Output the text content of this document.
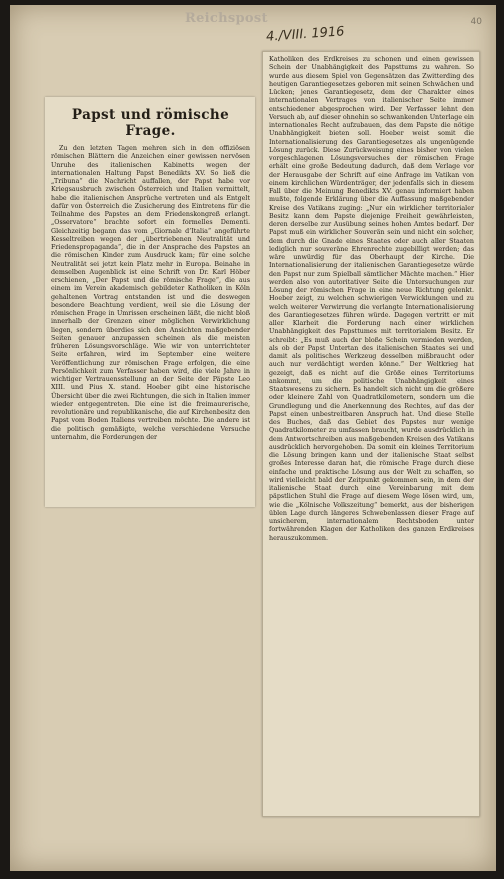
Reichspost
4./VIII. 1916
40
Papst und römische Frage.

Zu den letzten Tagen mehren sich in den offiziösen römischen Blättern die Anzeichen einer gewissen nervösen Unruhe des italienischen Kabinetts wegen der internationalen Haltung Papst Benedikts XV. So ließ die „Tribuna“ die Nachricht auffallen, der Papst habe vor Kriegsausbruch zwischen Österreich und Italien vermittelt, habe die italienischen Ansprüche vertreten und als Entgelt dafür von Österreich die Zusicherung des Eintretens für die Teilnahme des Papstes an dem Friedenskongreß erlangt. „Osservatore“ brachte sofort ein formelles Dementi. Gleichzeitig begann das vom „Giornale d’Italia“ angeführte Kesseltreiben wegen der „übertriebenen Neutralität und Friedenspropaganda“, die in der Ansprache des Papstes an die römischen Kinder zum Ausdruck kam; für eine solche Neutralität sei jetzt kein Platz mehr in Europa. Beinahe in demselben Augenblick ist eine Schrift von Dr. Karl Höber erschienen, „Der Papst und die römische Frage“, die aus einem im Verein akademisch gebildeter Katholiken in Köln gehaltenen Vortrag entstanden ist und die deswegen besondere Beachtung verdient, weil sie die Lösung der römischen Frage in Umrissen erscheinen läßt, die nicht bloß innerhalb der Grenzen einer möglichen Verwirklichung liegen, sondern überdies sich den Ansichten maßgebender Seiten genauer anzupassen scheinen als die meisten früheren Lösungsvorschläge. Wie wir von unterrichteter Seite erfahren, wird im September eine weitere Veröffentlichung zur römischen Frage erfolgen, die eine Persönlichkeit zum Verfasser haben wird, die viele Jahre in wichtiger Vertrauensstellung an der Seite der Päpste Leo XIII. und Pius X. stand. Hoeber gibt eine historische Übersicht über die zwei Richtungen, die sich in Italien immer wieder entgegentreten. Die eine ist die freimaurerische, revolutionäre und republikanische, die auf Kirchenbesitz den Papst vom Boden Italiens vertreiben möchte. Die andere ist die politisch gemäßigte, welche verschiedene Versuche unternahm, die Forderungen der

Katholiken des Erdkreises zu schonen und einen gewissen Schein der Unabhängigkeit des Papsttums zu wahren. So wurde aus diesem Spiel von Gegensätzen das Zwitterding des heutigen Garantiegesetzes geboren mit seinen Schwächen und Lücken; jenes Garantiegesetz, dem der Charakter eines internationalen Vertrages von italienischer Seite immer entschiedener abgesprochen wird. Der Verfasser lehnt den Versuch ab, auf dieser ohnehin so schwankenden Unterlage ein internationales Recht aufzubauen, das dem Papste die nötige Unabhängigkeit bieten soll. Hoeber weist somit die Internationalisierung des Garantiegesetzes als ungenügende Lösung zurück. Diese Zurückweisung eines bisher von vielen vorgeschlagenen Lösungsversuches der römischen Frage erhält eine große Bedeutung dadurch, daß dem Verlage vor der Herausgabe der Schrift auf eine Anfrage im Vatikan von einem kirchlichen Würdenträger, der jedenfalls sich in diesem Fall über die Meinung Benedikts XV. genau informiert haben mußte, folgende Erklärung über die Auffassung maßgebender Kreise des Vatikans zuging: „Nur ein wirklicher territorialer Besitz kann dem Papste diejenige Freiheit gewährleisten, deren derselbe zur Ausübung seines hohen Amtes bedarf. Der Papst muß ein wirklicher Souverän sein und nicht ein solcher, dem durch die Gnade eines Staates oder auch aller Staaten lediglich nur souveräne Ehrenrechte zugebilligt werden; das wäre unwürdig für das Oberhaupt der Kirche. Die Internationalisierung der italienischen Garantiegesetze würde den Papst nur zum Spielball sämtlicher Mächte machen.“ Hier werden also von autoritativer Seite die Untersuchungen zur Lösung der römischen Frage in eine neue Richtung gelenkt. Hoeber zeigt, zu welchen schwierigen Verwicklungen und zu welch weiterer Verwirrung die verlangte Internationalisierung des Garantiegesetzes führen würde. Dagegen vertritt er mit aller Klarheit die Forderung nach einer wirklichen Unabhängigkeit des Papsttumes mit territorialem Besitz. Er schreibt: „Es muß auch der bloße Schein vermieden werden, als ob der Papst Untertan des italienischen Staates sei und damit als politisches Werkzeug desselben mißbraucht oder auch nur verdächtigt werden könne.“ Der Weltkrieg hat gezeigt, daß es nicht auf die Größe eines Territoriums ankommt, um die politische Unabhängigkeit eines Staatswesens zu sichern. Es handelt sich nicht um die größere oder kleinere Zahl von Quadratkilometern, sondern um die Grundlegung und die Anerkennung des Rechtes, auf das der Papst einen unbestreitbaren Anspruch hat. Und diese Stelle des Buches, daß das Gebiet des Papstes nur wenige Quadratkilometer zu umfassen braucht, wurde ausdrücklich in dem Antwortschreiben aus maßgebenden Kreisen des Vatikans ausdrücklich hervorgehoben. Da somit ein kleines Territorium die Lösung bringen kann und der italienische Staat selbst großes Interesse daran hat, die römische Frage durch diese einfache und praktische Lösung aus der Welt zu schaffen, so wird vielleicht bald der Zeitpunkt gekommen sein, in dem der italienische Staat durch eine Vereinbarung mit dem päpstlichen Stuhl die Frage auf diesem Wege lösen wird, um, wie die „Kölnische Volkszeitung“ bemerkt, aus der bisherigen üblen Lage durch längeres Schwebenlassen dieser Frage auf unsicherem, internationalem Rechtsboden unter fortwährenden Klagen der Katholiken des ganzen Erdkreises herauszukommen.
